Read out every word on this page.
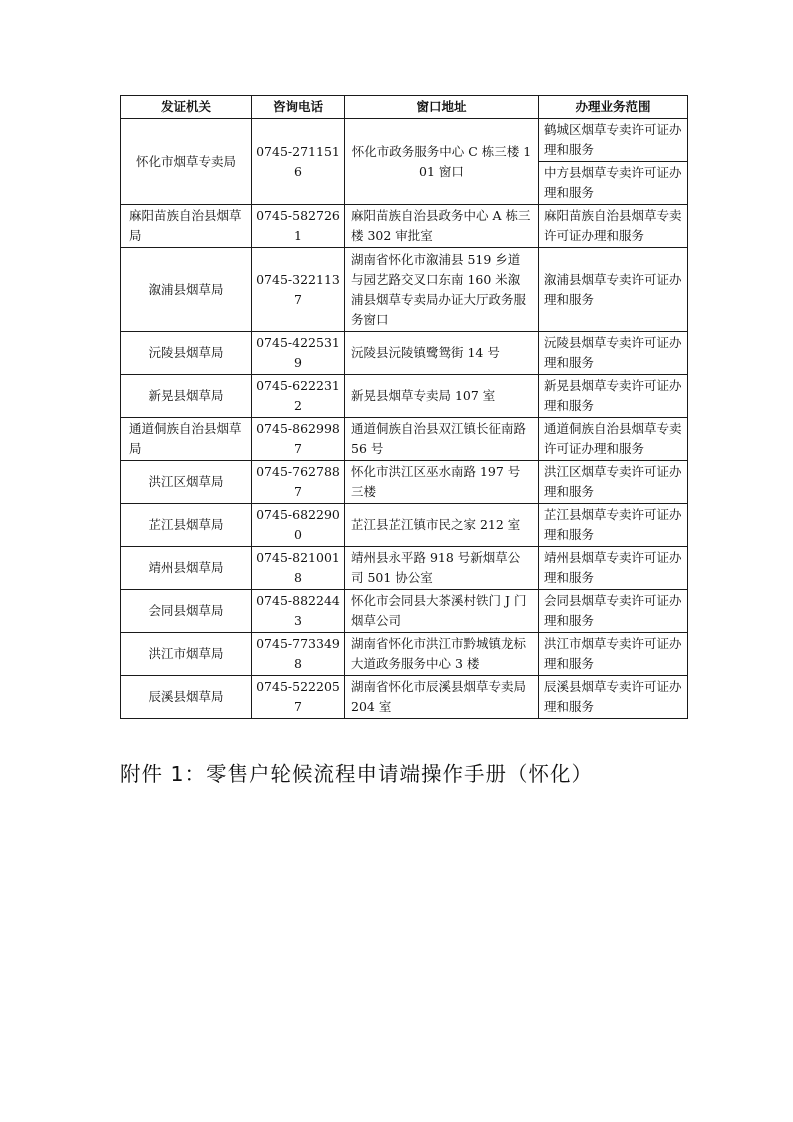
发证机关	咨询电话	窗口地址	办理业务范围
怀化市烟草专卖局	0745-2711516	怀化市政务服务中心 C 栋三楼 101 窗口	鹤城区烟草专卖许可证办理和服务
			中方县烟草专卖许可证办理和服务
麻阳苗族自治县烟草局	0745-5827261	麻阳苗族自治县政务中心 A 栋三楼 302 审批室	麻阳苗族自治县烟草专卖许可证办理和服务
溆浦县烟草局	0745-3221137	湖南省怀化市溆浦县 519 乡道与园艺路交叉口东南 160 米溆浦县烟草专卖局办证大厅政务服务窗口	溆浦县烟草专卖许可证办理和服务
沅陵县烟草局	0745-4225319	沅陵县沅陵镇鹭鸳街 14 号	沅陵县烟草专卖许可证办理和服务
新晃县烟草局	0745-6222312	新晃县烟草专卖局 107 室	新晃县烟草专卖许可证办理和服务
通道侗族自治县烟草局	0745-8629987	通道侗族自治县双江镇长征南路 56 号	通道侗族自治县烟草专卖许可证办理和服务
洪江区烟草局	0745-7627887	怀化市洪江区巫水南路 197 号三楼	洪江区烟草专卖许可证办理和服务
芷江县烟草局	0745-6822900	芷江县芷江镇市民之家 212 室	芷江县烟草专卖许可证办理和服务
靖州县烟草局	0745-8210018	靖州县永平路 918 号新烟草公司 501 协公室	靖州县烟草专卖许可证办理和服务
会同县烟草局	0745-8822443	怀化市会同县大茶溪村铁门 J 门烟草公司	会同县烟草专卖许可证办理和服务
洪江市烟草局	0745-7733498	湖南省怀化市洪江市黔城镇龙标大道政务服务中心 3 楼	洪江市烟草专卖许可证办理和服务
辰溪县烟草局	0745-5222057	湖南省怀化市辰溪县烟草专卖局 204 室	辰溪县烟草专卖许可证办理和服务
附件 1：零售户轮候流程申请端操作手册（怀化）
